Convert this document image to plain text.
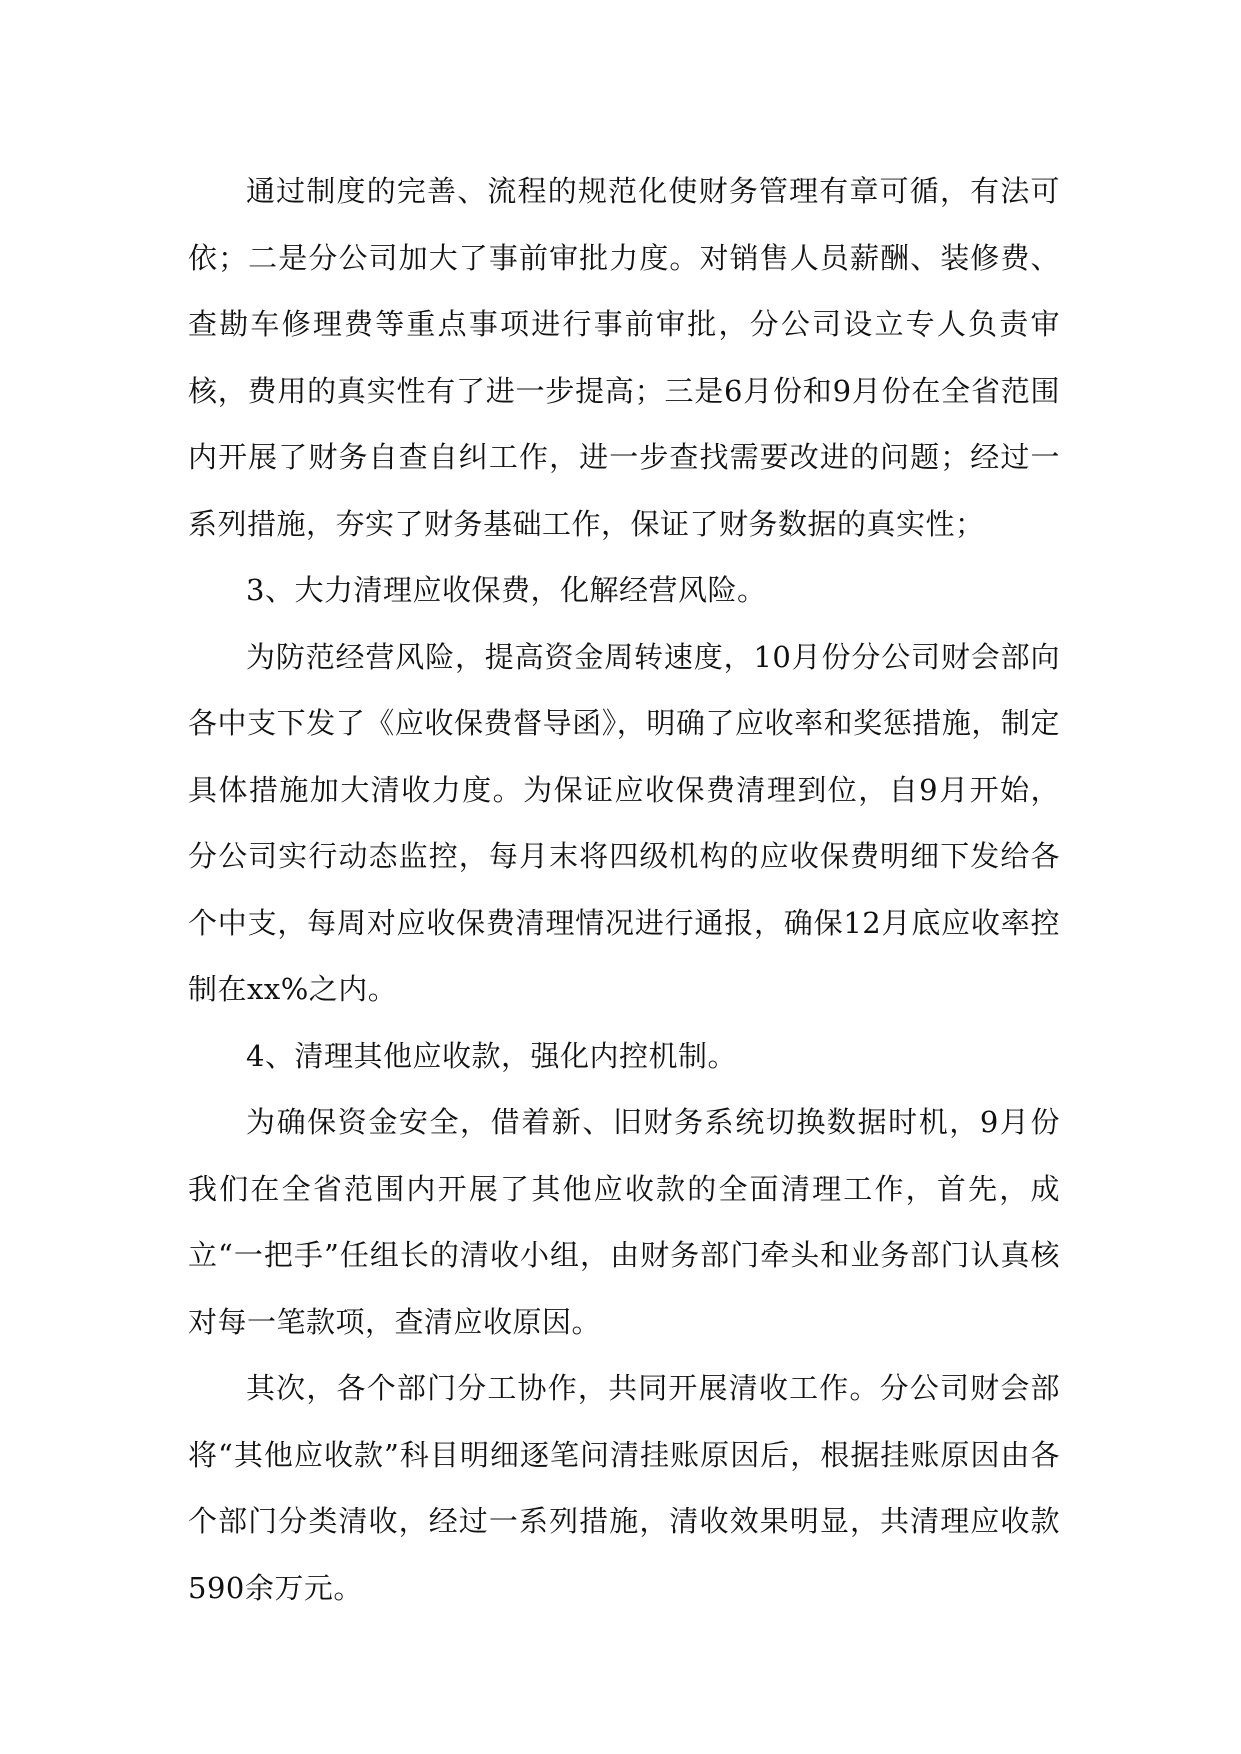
通过制度的完善、流程的规范化使财务管理有章可循，有法可依；二是分公司加大了事前审批力度。对销售人员薪酬、装修费、查勘车修理费等重点事项进行事前审批，分公司设立专人负责审核，费用的真实性有了进一步提高；三是6月份和9月份在全省范围内开展了财务自查自纠工作，进一步查找需要改进的问题；经过一系列措施，夯实了财务基础工作，保证了财务数据的真实性；

3、大力清理应收保费，化解经营风险。

为防范经营风险，提高资金周转速度，10月份分公司财会部向各中支下发了《应收保费督导函》，明确了应收率和奖惩措施，制定具体措施加大清收力度。为保证应收保费清理到位，自9月开始，分公司实行动态监控，每月末将四级机构的应收保费明细下发给各个中支，每周对应收保费清理情况进行通报，确保12月底应收率控制在xx%之内。

4、清理其他应收款，强化内控机制。

为确保资金安全，借着新、旧财务系统切换数据时机，9月份我们在全省范围内开展了其他应收款的全面清理工作，首先，成立“一把手”任组长的清收小组，由财务部门牵头和业务部门认真核对每一笔款项，查清应收原因。

其次，各个部门分工协作，共同开展清收工作。分公司财会部将“其他应收款”科目明细逐笔问清挂账原因后，根据挂账原因由各个部门分类清收，经过一系列措施，清收效果明显，共清理应收款590余万元。
